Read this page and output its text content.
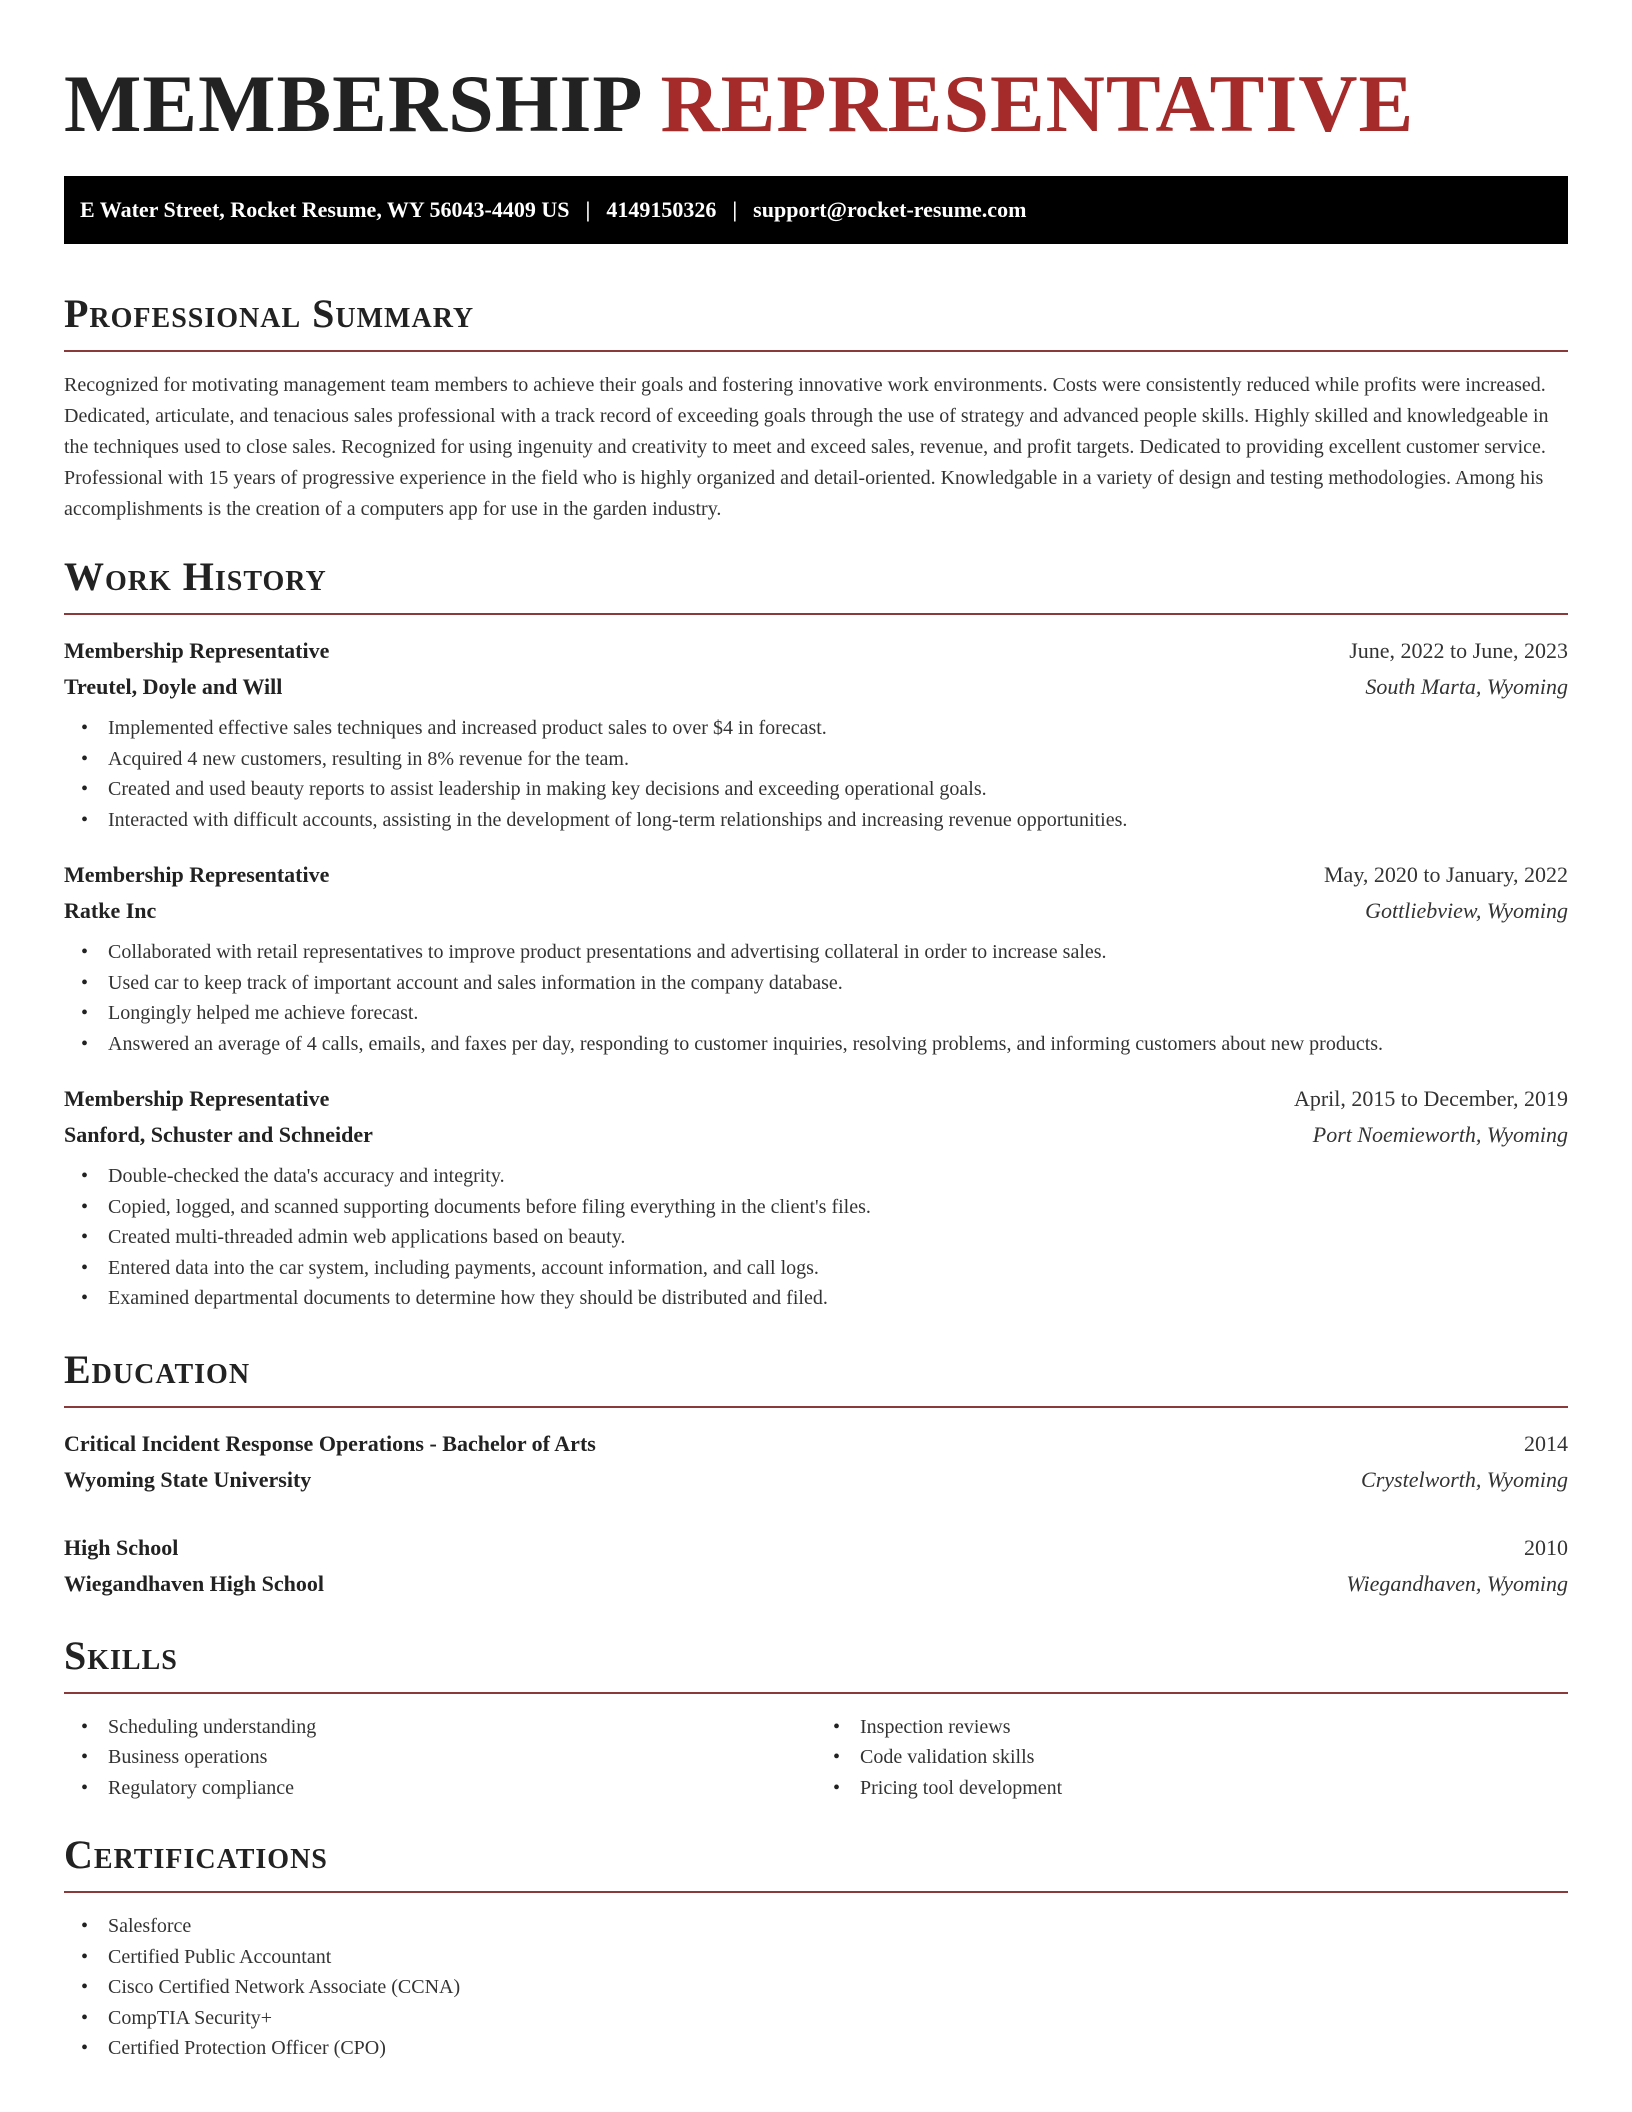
MEMBERSHIP REPRESENTATIVE
E Water Street, Rocket Resume, WY 56043-4409 US | 4149150326 | support@rocket-resume.com
Professional Summary

Recognized for motivating management team members to achieve their goals and fostering innovative work environments. Costs were consistently reduced while profits were increased. Dedicated, articulate, and tenacious sales professional with a track record of exceeding goals through the use of strategy and advanced people skills. Highly skilled and knowledgeable in the techniques used to close sales. Recognized for using ingenuity and creativity to meet and exceed sales, revenue, and profit targets. Dedicated to providing excellent customer service. Professional with 15 years of progressive experience in the field who is highly organized and detail-oriented. Knowledgable in a variety of design and testing methodologies. Among his accomplishments is the creation of a computers app for use in the garden industry.

Work History
Membership Representative	June, 2022 to June, 2023
Treutel, Doyle and Will	South Marta, Wyoming
• Implemented effective sales techniques and increased product sales to over $4 in forecast.
• Acquired 4 new customers, resulting in 8% revenue for the team.
• Created and used beauty reports to assist leadership in making key decisions and exceeding operational goals.
• Interacted with difficult accounts, assisting in the development of long-term relationships and increasing revenue opportunities.
Membership Representative	May, 2020 to January, 2022
Ratke Inc	Gottliebview, Wyoming
• Collaborated with retail representatives to improve product presentations and advertising collateral in order to increase sales.
• Used car to keep track of important account and sales information in the company database.
• Longingly helped me achieve forecast.
• Answered an average of 4 calls, emails, and faxes per day, responding to customer inquiries, resolving problems, and informing customers about new products.
Membership Representative	April, 2015 to December, 2019
Sanford, Schuster and Schneider	Port Noemieworth, Wyoming
• Double-checked the data's accuracy and integrity.
• Copied, logged, and scanned supporting documents before filing everything in the client's files.
• Created multi-threaded admin web applications based on beauty.
• Entered data into the car system, including payments, account information, and call logs.
• Examined departmental documents to determine how they should be distributed and filed.
Education
Critical Incident Response Operations - Bachelor of Arts	2014
Wyoming State University	Crystelworth, Wyoming
High School	2010
Wiegandhaven High School	Wiegandhaven, Wyoming
Skills
• Scheduling understanding
• Business operations
• Regulatory compliance
• Inspection reviews
• Code validation skills
• Pricing tool development
Certifications
• Salesforce
• Certified Public Accountant
• Cisco Certified Network Associate (CCNA)
• CompTIA Security+
• Certified Protection Officer (CPO)
